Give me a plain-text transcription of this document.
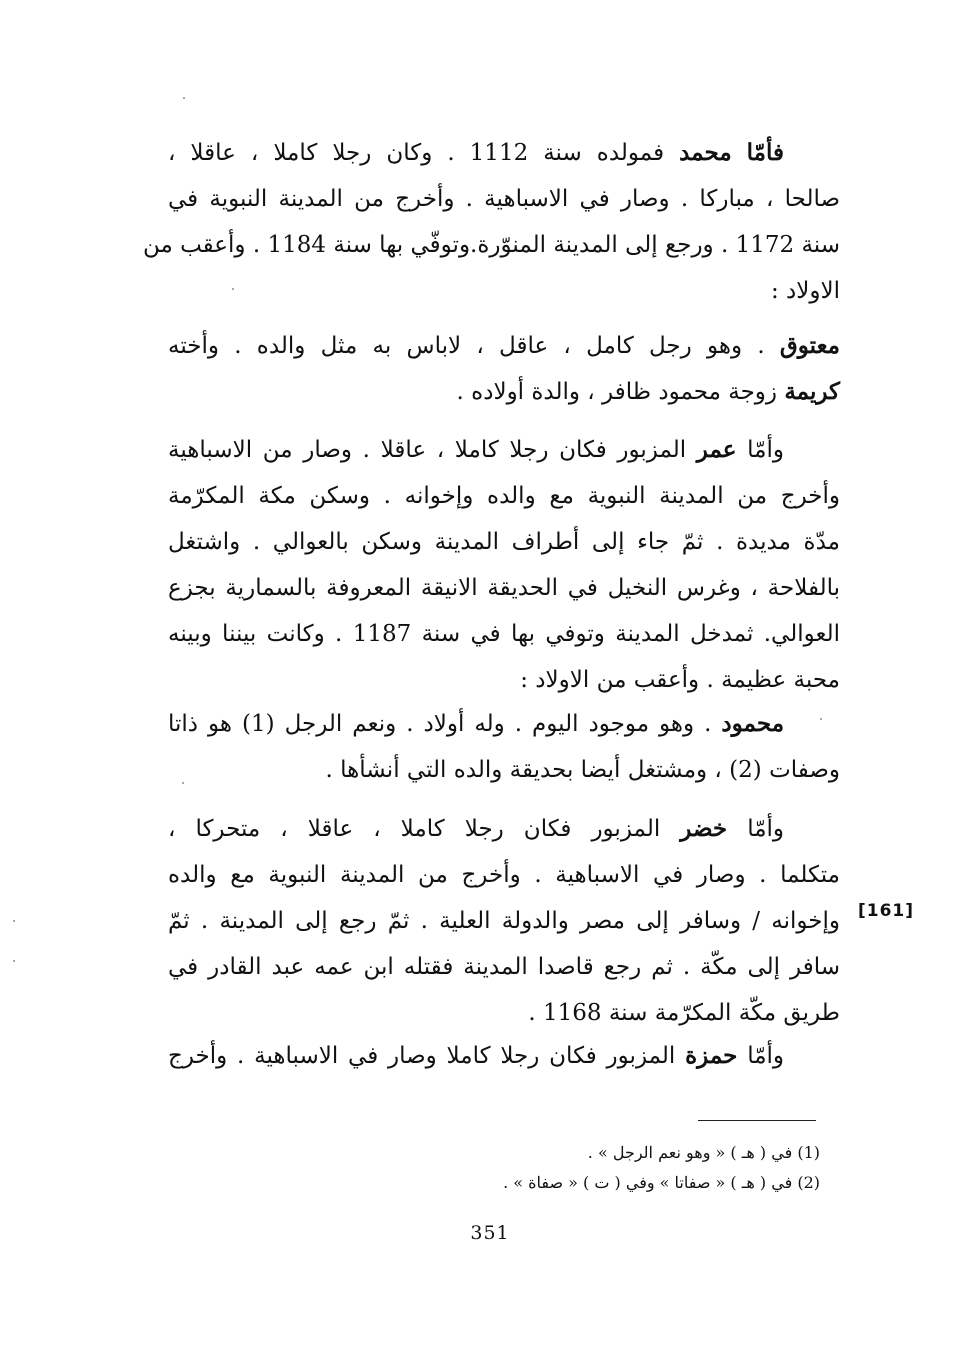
فأمّا محمد فمولده سنة 1112 . وكان رجلا كاملا ، عاقلا ،
صالحا ، مباركا . وصار في الاسباهية . وأخرج من المدينة النبوية في
سنة 1172 . ورجع إلى المدينة المنوّرة.وتوفّي بها سنة 1184 . وأعقب من
الاولاد :
معتوق . وهو رجل كامل ، عاقل ، لاباس به مثل والده . وأخته
كريمة زوجة محمود ظافر ، والدة أولاده .
وأمّا عمر المزبور فكان رجلا كاملا ، عاقلا . وصار من الاسباهية
وأخرج من المدينة النبوية مع والده وإخوانه . وسكن مكة المكرّمة
مدّة مديدة . ثمّ جاء إلى أطراف المدينة وسكن بالعوالي . واشتغل
بالفلاحة ، وغرس النخيل في الحديقة الانيقة المعروفة بالسمارية بجزع
العوالي. ثمدخل المدينة وتوفي بها في سنة 1187 . وكانت بيننا وبينه
محبة عظيمة . وأعقب من الاولاد :
محمود . وهو موجود اليوم . وله أولاد . ونعم الرجل (1) هو ذاتا
وصفات (2) ، ومشتغل أيضا بحديقة والده التي أنشأها .
وأمّا خضر المزبور فكان رجلا كاملا ، عاقلا ، متحركا ،
متكلما . وصار في الاسباهية . وأخرج من المدينة النبوية مع والده
وإخوانه / وسافر إلى مصر والدولة العلية . ثمّ رجع إلى المدينة . ثمّ
سافر إلى مكّة . ثم رجع قاصدا المدينة فقتله ابن عمه عبد القادر في
طريق مكّة المكرّمة سنة 1168 .
وأمّا حمزة المزبور فكان رجلا كاملا وصار في الاسباهية . وأخرج
[161]
(1) في ( هـ ) « وهو نعم الرجل » .
(2) في ( هـ ) « صفاتا » وفي ( ت ) « صفاة » .
351
